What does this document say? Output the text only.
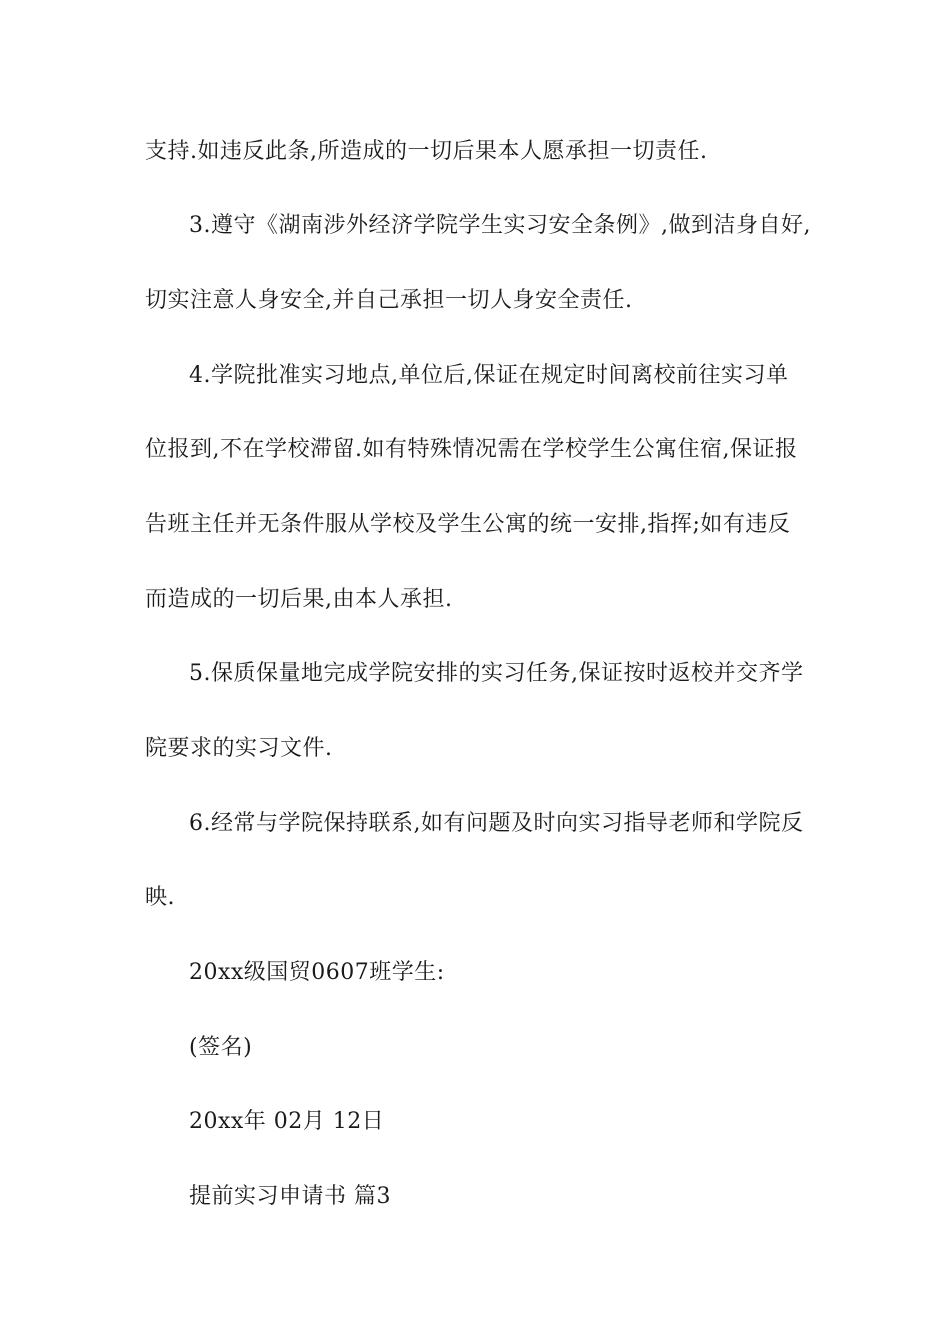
支持.如违反此条,所造成的一切后果本人愿承担一切责任.
3.遵守《湖南涉外经济学院学生实习安全条例》,做到洁身自好,
切实注意人身安全,并自己承担一切人身安全责任.
4.学院批准实习地点,单位后,保证在规定时间离校前往实习单
位报到,不在学校滞留.如有特殊情况需在学校学生公寓住宿,保证报
告班主任并无条件服从学校及学生公寓的统一安排,指挥;如有违反
而造成的一切后果,由本人承担.
5.保质保量地完成学院安排的实习任务,保证按时返校并交齐学
院要求的实习文件.
6.经常与学院保持联系,如有问题及时向实习指导老师和学院反
映.
20xx级国贸0607班学生:
(签名)
20xx年 02月 12日
提前实习申请书 篇3
